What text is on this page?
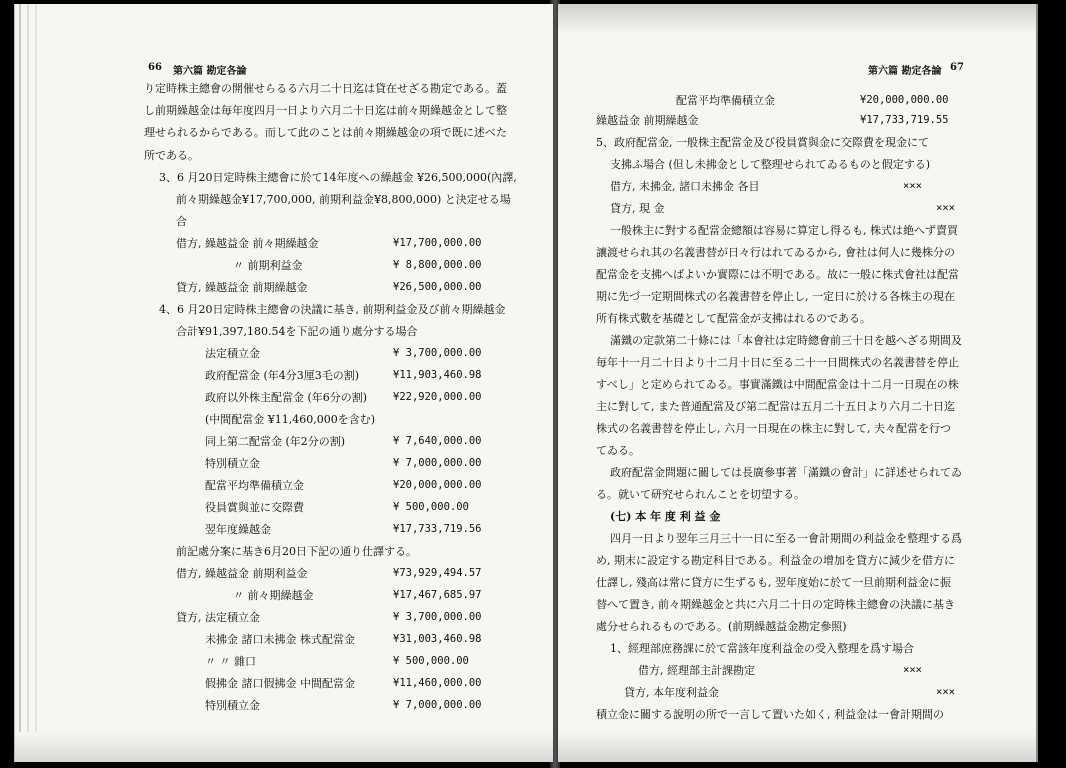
66 第六篇 勘定各論
り定時株主總會の開催せらるる六月二十日迄は貸在せざる勘定である。蓋
し前期繰越金は毎年度四月一日より六月二十日迄は前々期繰越金として整
理せられるからである。而して此のことは前々期繰越金の項で既に述べた
所である。
3、6 月20日定時株主總會に於て14年度への繰越金 ¥26,500,000(內譯,
前々期繰越金¥17,700,000, 前期利益金¥8,800,000) と決定せる場
合
借方, 繰越益金 前々期繰越金	¥17,700,000.00
〃 前期利益金	¥ 8,800,000.00
貸方, 繰越益金 前期繰越金	¥26,500,000.00
4、6 月20日定時株主總會の決議に基き, 前期利益金及び前々期繰越金
合計¥91,397,180.54を下記の通り處分する場合
法定積立金	¥ 3,700,000.00
政府配當金 (年4分3厘3毛の割)	¥11,903,460.98
政府以外株主配當金 (年6分の割) ¥22,920,000.00
(中間配當金 ¥11,460,000を含む)
同上第二配當金 (年2分の割)	¥ 7,640,000.00
特別積立金	¥ 7,000,000.00
配當平均準備積立金	¥20,000,000.00
役員賞與並に交際費	¥ 500,000.00
翌年度繰越金	¥17,733,719.56
前記處分案に基き6月20日下記の通り仕譯する。
借方, 繰越益金 前期利益金	¥73,929,494.57
〃 前々期繰越金	¥17,467,685.97
貸方, 法定積立金	¥ 3,700,000.00
未拂金 諸口未拂金 株式配當金	¥31,003,460.98
〃 〃 雜口	¥ 500,000.00
假拂金 諸口假拂金 中間配當金	¥11,460,000.00
特別積立金	¥ 7,000,000.00
第六篇 勘定各論 67
配當平均準備積立金	¥20,000,000.00
繰越益金 前期繰越金	¥17,733,719.55
5、政府配當金, 一般株主配當金及び役員賞與金に交際費を現金にて
支拂ふ場合 (但し未拂金として整理せられてゐるものと假定する)
借方, 未拂金, 諸口未拂金 各目	×××
貸方, 現 金	×××
一般株主に對する配當金總額は容易に算定し得るも, 株式は絶へず賣買
讓渡せられ其の名義書替が日々行はれてゐるから, 會社は何人に幾株分の
配當金を支拂へばよいか實際には不明である。故に一般に株式會社は配當
期に先づ一定期間株式の名義書替を停止し, 一定日に於ける各株主の現在
所有株式數を基礎として配當金が支拂はれるのである。
滿鐵の定款第二十條には「本會社は定時總會前三十日を越へざる期間及
毎年十一月二十日より十二月十日に至る二十一日間株式の名義書替を停止
すべし」と定められてゐる。事實滿鐵は中間配當金は十二月一日現在の株
主に對して, また普通配當及び第二配當は五月二十五日より六月二十日迄
株式の名義書替を停止し, 六月一日現在の株主に對して, 夫々配當を行つ
てゐる。
政府配當金問題に關しては長廣參事著「滿鐵の會計」に詳述せられてゐ
る。就いて研究せられんことを切望する。
(七) 本 年 度 利 益 金
四月一日より翌年三月三十一日に至る一會計期間の利益金を整理する爲
め, 期末に設定する勘定科目である。利益金の增加を貸方に減少を借方に
仕譯し, 殘高は常に貸方に生ずるも, 翌年度始に於て一旦前期利益金に振
替へて置き, 前々期繰越金と共に六月二十日の定時株主總會の決議に基き
處分せられるものである。(前期繰越益金勘定參照)
1、經理部庶務課に於て當該年度利益金の受入整理を爲す場合
借方, 經理部主計課勘定	×××
貸方, 本年度利益金	×××
積立金に關する說明の所で一言して置いた如く, 利益金は一會計期間の
